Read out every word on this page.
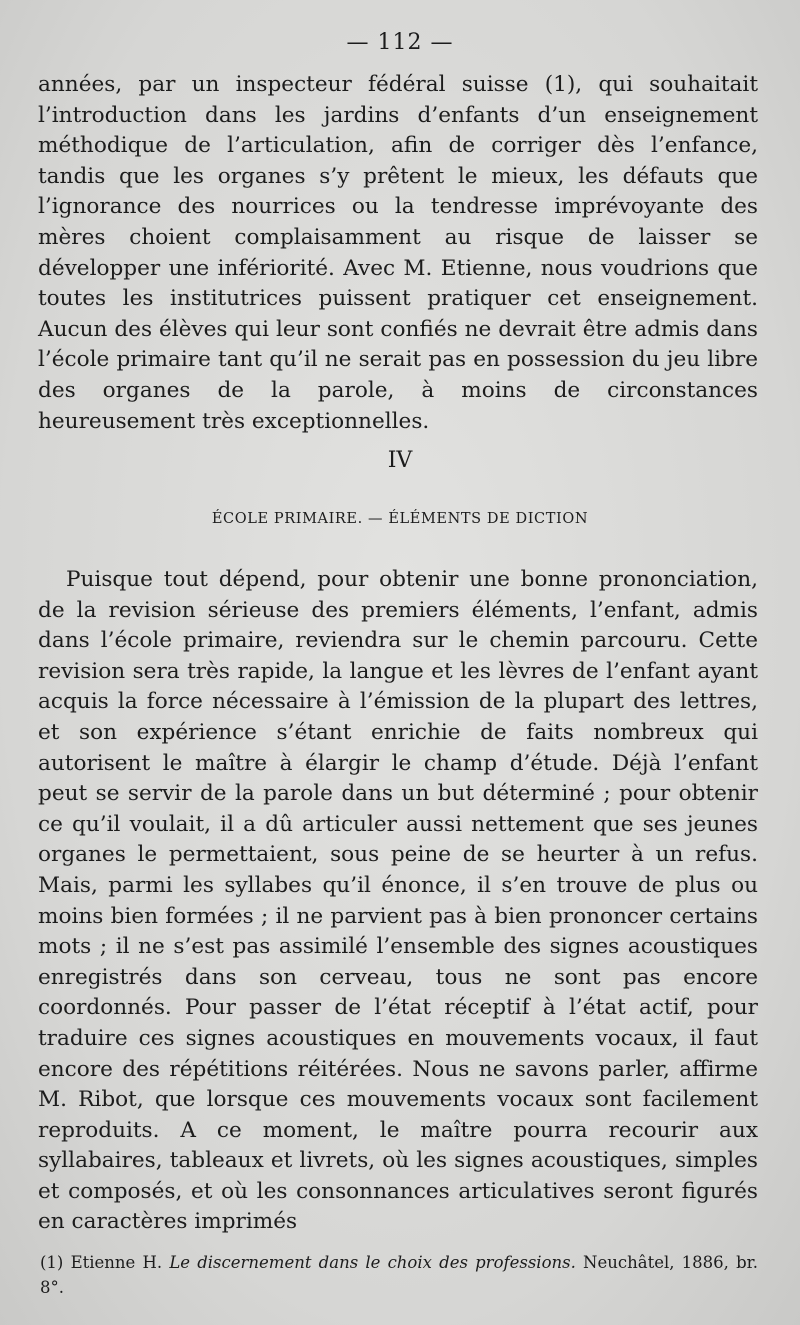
— 112 —

années, par un inspecteur fédéral suisse (1), qui souhaitait l’introduction dans les jardins d’enfants d’un enseignement méthodique de l’articulation, afin de corriger dès l’enfance, tandis que les organes s’y prêtent le mieux, les défauts que l’ignorance des nourrices ou la tendresse imprévoyante des mères choient complaisamment au risque de laisser se développer une infériorité. Avec M. Etienne, nous voudrions que toutes les institutrices puissent pratiquer cet enseignement. Aucun des élèves qui leur sont confiés ne devrait être admis dans l’école primaire tant qu’il ne serait pas en possession du jeu libre des organes de la parole, à moins de circonstances heureusement très exceptionnelles.

IV
ÉCOLE PRIMAIRE. — ÉLÉMENTS DE DICTION

Puisque tout dépend, pour obtenir une bonne prononciation, de la revision sérieuse des premiers éléments, l’enfant, admis dans l’école primaire, reviendra sur le chemin parcouru. Cette revision sera très rapide, la langue et les lèvres de l’enfant ayant acquis la force nécessaire à l’émission de la plupart des lettres, et son expérience s’étant enrichie de faits nombreux qui autorisent le maître à élargir le champ d’étude. Déjà l’enfant peut se servir de la parole dans un but déterminé ; pour obtenir ce qu’il voulait, il a dû articuler aussi nettement que ses jeunes organes le permettaient, sous peine de se heurter à un refus. Mais, parmi les syllabes qu’il énonce, il s’en trouve de plus ou moins bien formées ; il ne parvient pas à bien prononcer certains mots ; il ne s’est pas assimilé l’ensemble des signes acoustiques enregistrés dans son cerveau, tous ne sont pas encore coordonnés. Pour passer de l’état réceptif à l’état actif, pour traduire ces signes acoustiques en mouvements vocaux, il faut encore des répétitions réitérées. Nous ne savons parler, affirme M. Ribot, que lorsque ces mouvements vocaux sont facilement reproduits. A ce moment, le maître pourra recourir aux syllabaires, tableaux et livrets, où les signes acoustiques, simples et composés, et où les consonnances articulatives seront figurés en caractères imprimés

(1) Etienne H. Le discernement dans le choix des professions. Neuchâtel, 1886, br. 8°.
